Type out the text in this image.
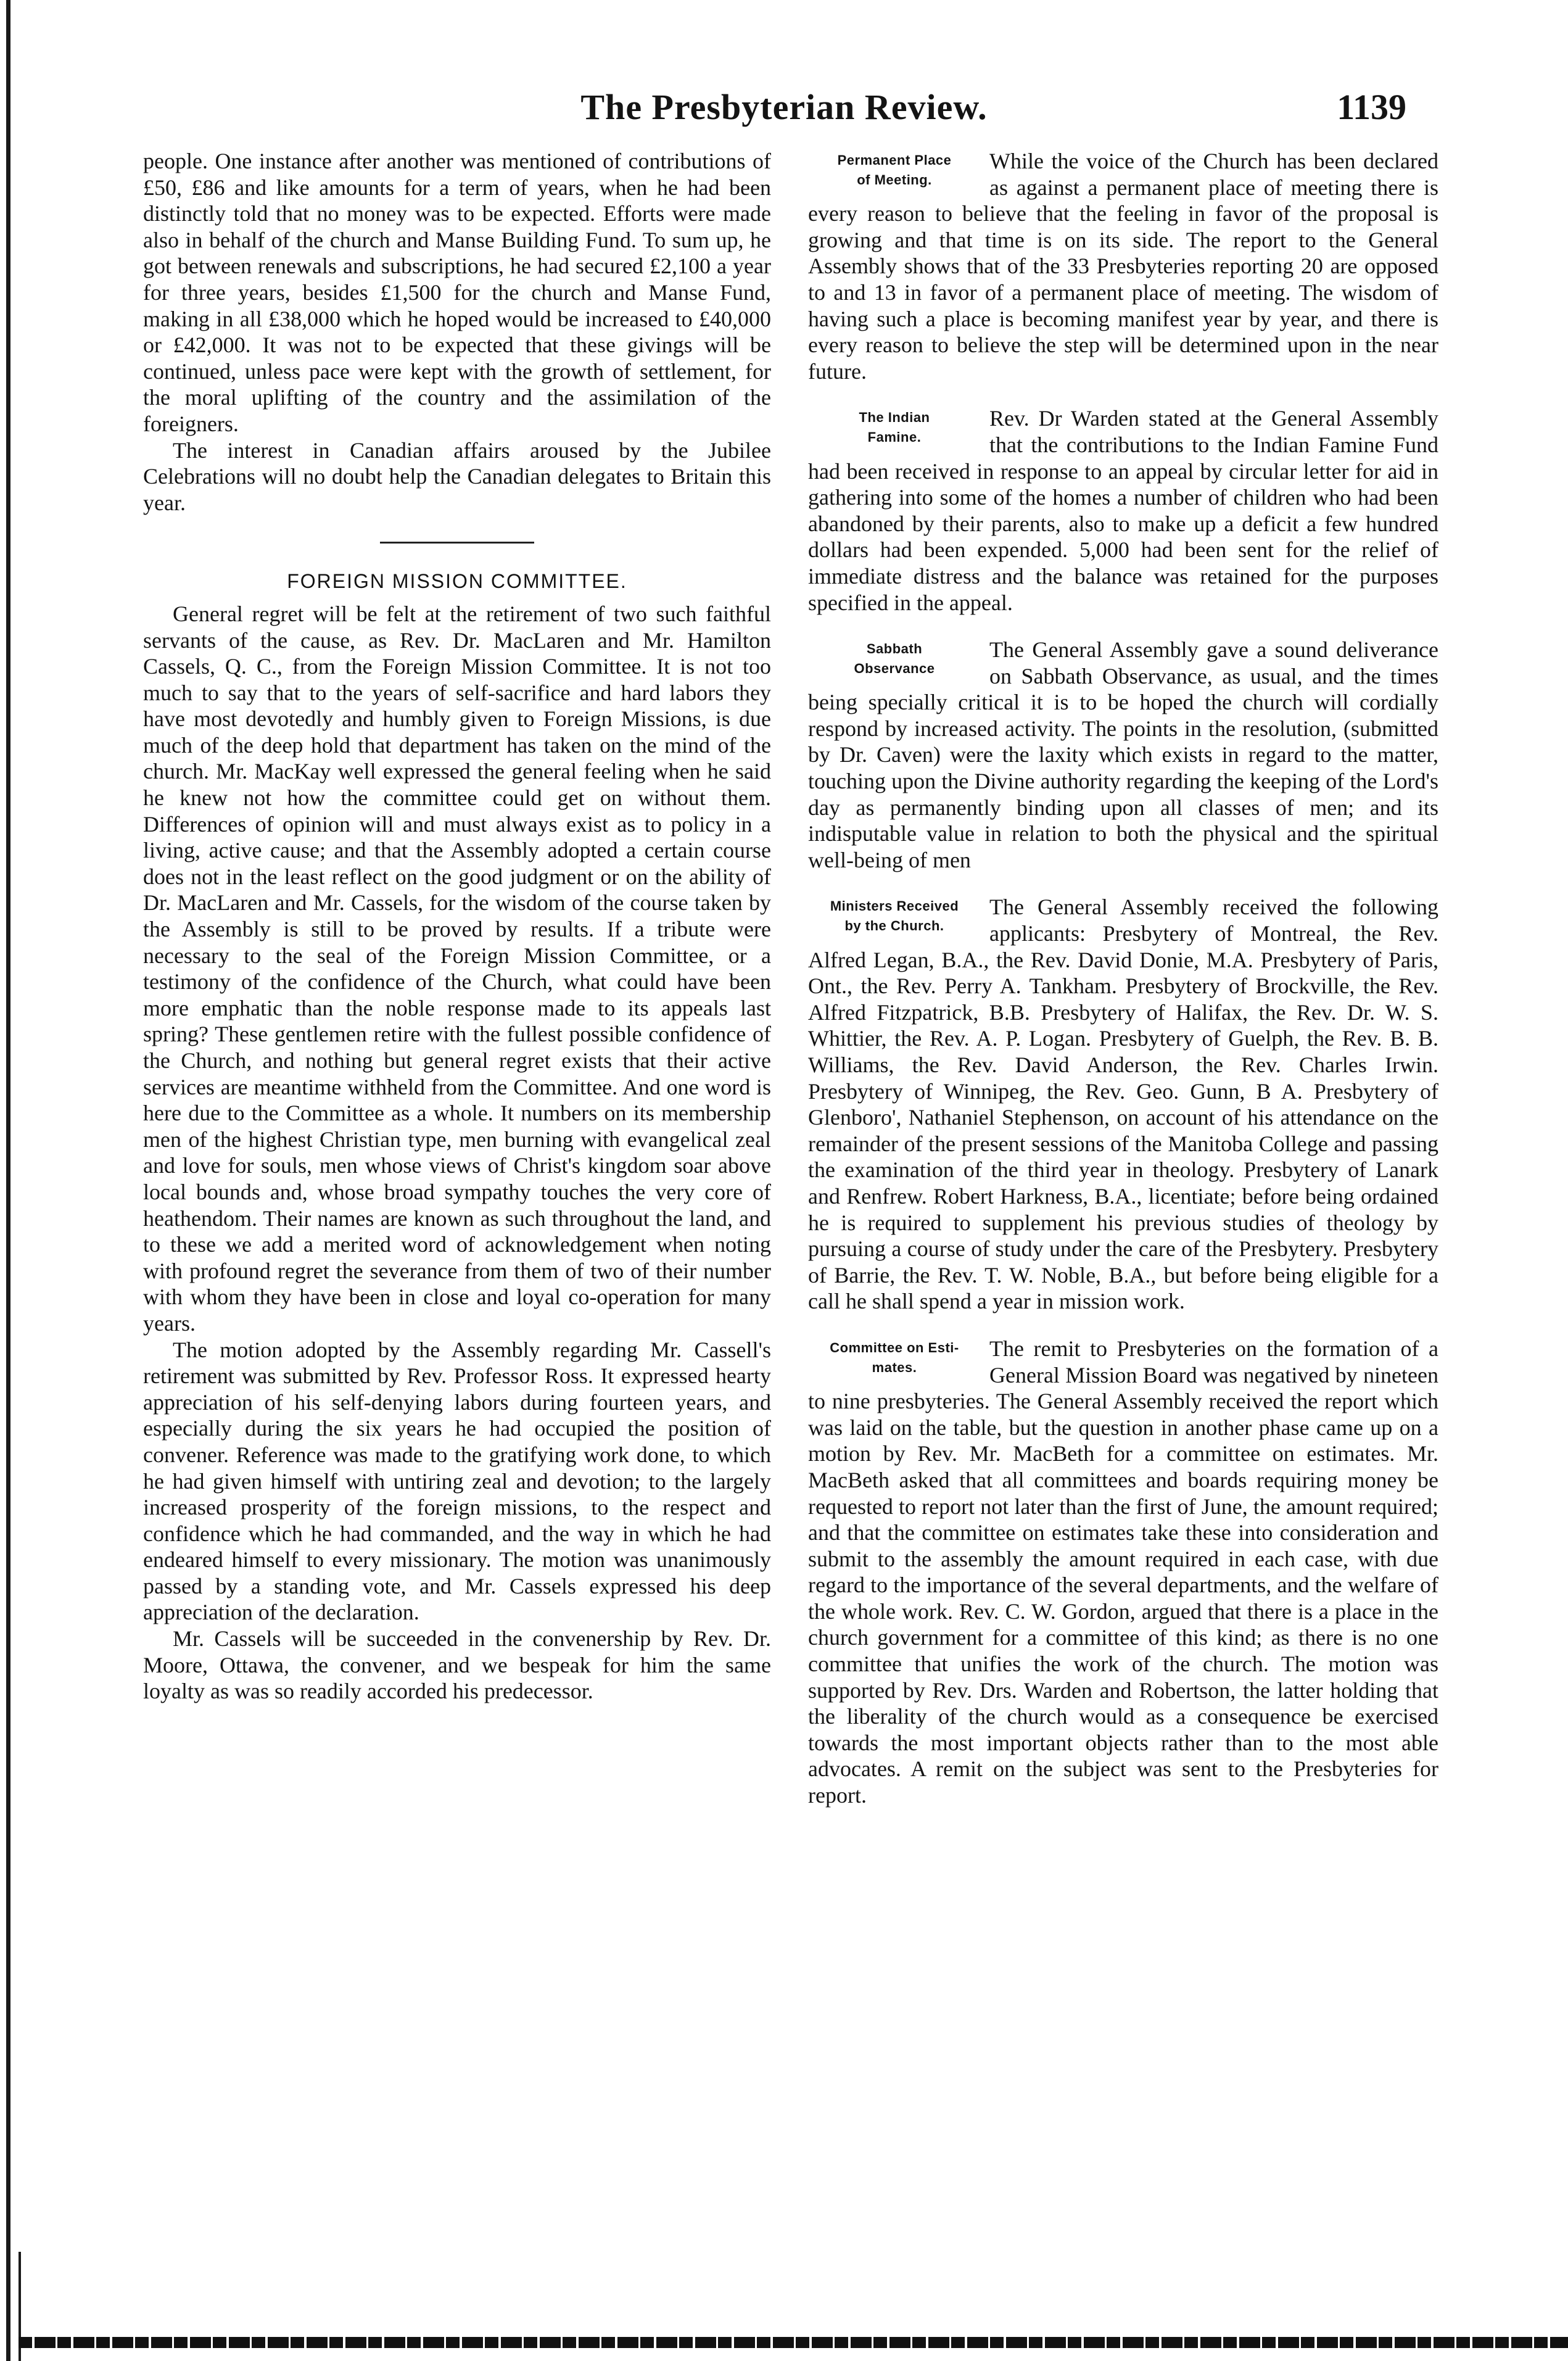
The Presbyterian Review.	1139

people. One instance after another was mentioned of contributions of £50, £86 and like amounts for a term of years, when he had been distinctly told that no money was to be expected. Efforts were made also in behalf of the church and Manse Building Fund. To sum up, he got between renewals and subscriptions, he had secured £2,100 a year for three years, besides £1,500 for the church and Manse Fund, making in all £38,000 which he hoped would be increased to £40,000 or £42,000. It was not to be expected that these givings will be continued, unless pace were kept with the growth of settlement, for the moral uplifting of the country and the assimilation of the foreigners.

The interest in Canadian affairs aroused by the Jubilee Celebrations will no doubt help the Canadian delegates to Britain this year.

FOREIGN MISSION COMMITTEE.

General regret will be felt at the retirement of two such faithful servants of the cause, as Rev. Dr. MacLaren and Mr. Hamilton Cassels, Q. C., from the Foreign Mission Committee. It is not too much to say that to the years of self-sacrifice and hard labors they have most devotedly and humbly given to Foreign Missions, is due much of the deep hold that department has taken on the mind of the church. Mr. MacKay well expressed the general feeling when he said he knew not how the committee could get on without them. Differences of opinion will and must always exist as to policy in a living, active cause; and that the Assembly adopted a certain course does not in the least reflect on the good judgment or on the ability of Dr. MacLaren and Mr. Cassels, for the wisdom of the course taken by the Assembly is still to be proved by results. If a tribute were necessary to the seal of the Foreign Mission Committee, or a testimony of the confidence of the Church, what could have been more emphatic than the noble response made to its appeals last spring? These gentlemen retire with the fullest possible confidence of the Church, and nothing but general regret exists that their active services are meantime withheld from the Committee. And one word is here due to the Committee as a whole. It numbers on its membership men of the highest Christian type, men burning with evangelical zeal and love for souls, men whose views of Christ's kingdom soar above local bounds and, whose broad sympathy touches the very core of heathendom. Their names are known as such throughout the land, and to these we add a merited word of acknowledgement when noting with profound regret the severance from them of two of their number with whom they have been in close and loyal co-operation for many years.

The motion adopted by the Assembly regarding Mr. Cassell's retirement was submitted by Rev. Professor Ross. It expressed hearty appreciation of his self-denying labors during fourteen years, and especially during the six years he had occupied the position of convener. Reference was made to the gratifying work done, to which he had given himself with untiring zeal and devotion; to the largely increased prosperity of the foreign missions, to the respect and confidence which he had commanded, and the way in which he had endeared himself to every missionary. The motion was unanimously passed by a standing vote, and Mr. Cassels expressed his deep appreciation of the declaration.

Mr. Cassels will be succeeded in the convenership by Rev. Dr. Moore, Ottawa, the convener, and we bespeak for him the same loyalty as was so readily accorded his predecessor.

Permanent Place
of Meeting.

While the voice of the Church has been declared as against a permanent place of meeting there is every reason to believe that the feeling in favor of the proposal is growing and that time is on its side. The report to the General Assembly shows that of the 33 Presbyteries reporting 20 are opposed to and 13 in favor of a permanent place of meeting. The wisdom of having such a place is becoming manifest year by year, and there is every reason to believe the step will be determined upon in the near future.

The Indian
Famine.

Rev. Dr Warden stated at the General Assembly that the contributions to the Indian Famine Fund had been received in response to an appeal by circular letter for aid in gathering into some of the homes a number of children who had been abandoned by their parents, also to make up a deficit a few hundred dollars had been expended. 5,000 had been sent for the relief of immediate distress and the balance was retained for the purposes specified in the appeal.

Sabbath
Observance

The General Assembly gave a sound deliverance on Sabbath Observance, as usual, and the times being specially critical it is to be hoped the church will cordially respond by increased activity. The points in the resolution, (submitted by Dr. Caven) were the laxity which exists in regard to the matter, touching upon the Divine authority regarding the keeping of the Lord's day as permanently binding upon all classes of men; and its indisputable value in relation to both the physical and the spiritual well-being of men

Ministers Received
by the Church.

The General Assembly received the following applicants: Presbytery of Montreal, the Rev. Alfred Legan, B.A., the Rev. David Donie, M.A. Presbytery of Paris, Ont., the Rev. Perry A. Tankham. Presbytery of Brockville, the Rev. Alfred Fitzpatrick, B.B. Presbytery of Halifax, the Rev. Dr. W. S. Whittier, the Rev. A. P. Logan. Presbytery of Guelph, the Rev. B. B. Williams, the Rev. David Anderson, the Rev. Charles Irwin. Presbytery of Winnipeg, the Rev. Geo. Gunn, B A. Presbytery of Glenboro', Nathaniel Stephenson, on account of his attendance on the remainder of the present sessions of the Manitoba College and passing the examination of the third year in theology. Presbytery of Lanark and Renfrew. Robert Harkness, B.A., licentiate; before being ordained he is required to supplement his previous studies of theology by pursuing a course of study under the care of the Presbytery. Presbytery of Barrie, the Rev. T. W. Noble, B.A., but before being eligible for a call he shall spend a year in mission work.

Committee on Esti-
mates.

The remit to Presbyteries on the formation of a General Mission Board was negatived by nineteen to nine presbyteries. The General Assembly received the report which was laid on the table, but the question in another phase came up on a motion by Rev. Mr. MacBeth for a committee on estimates. Mr. MacBeth asked that all committees and boards requiring money be requested to report not later than the first of June, the amount required; and that the committee on estimates take these into consideration and submit to the assembly the amount required in each case, with due regard to the importance of the several departments, and the welfare of the whole work. Rev. C. W. Gordon, argued that there is a place in the church government for a committee of this kind; as there is no one committee that unifies the work of the church. The motion was supported by Rev. Drs. Warden and Robertson, the latter holding that the liberality of the church would as a consequence be exercised towards the most important objects rather than to the most able advocates. A remit on the subject was sent to the Presbyteries for report.
